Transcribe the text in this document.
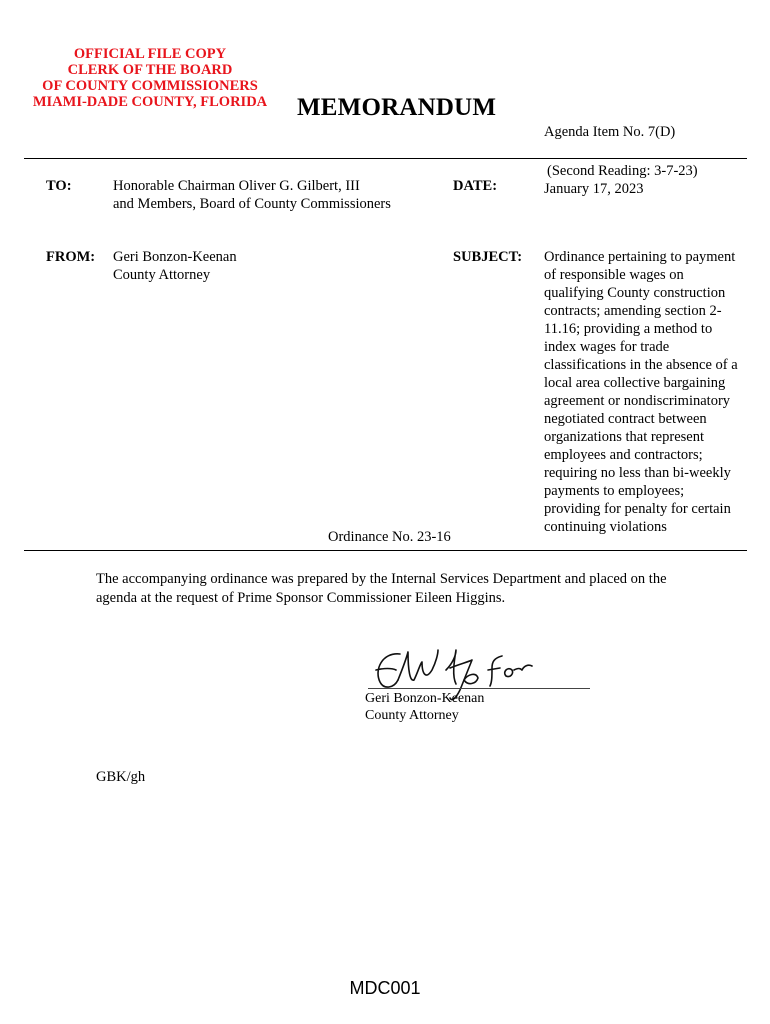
OFFICIAL FILE COPY
CLERK OF THE BOARD
OF COUNTY COMMISSIONERS
MIAMI-DADE COUNTY, FLORIDA MEMORANDUM
Agenda Item No. 7(D)
TO:	Honorable Chairman Oliver G. Gilbert, III
and Members, Board of County Commissioners
DATE:
(Second Reading: 3-7-23)
January 17, 2023
FROM: Geri Bonzon-Keenan
County Attorney
SUBJECT: Ordinance pertaining to payment
of responsible wages on
qualifying County construction
contracts; amending section 2-
11.16; providing a method to
index wages for trade
classifications in the absence of a
local area collective bargaining
agreement or nondiscriminatory
negotiated contract between
organizations that represent
employees and contractors;
requiring no less than bi-weekly
payments to employees;
providing for penalty for certain
continuing violations
Ordinance No. 23-16
The accompanying ordinance was prepared by the Internal Services Department and placed on the
agenda at the request of Prime Sponsor Commissioner Eileen Higgins.
Geri Bonzon-Keenan
County Attorney
GBK/gh
MDC001
